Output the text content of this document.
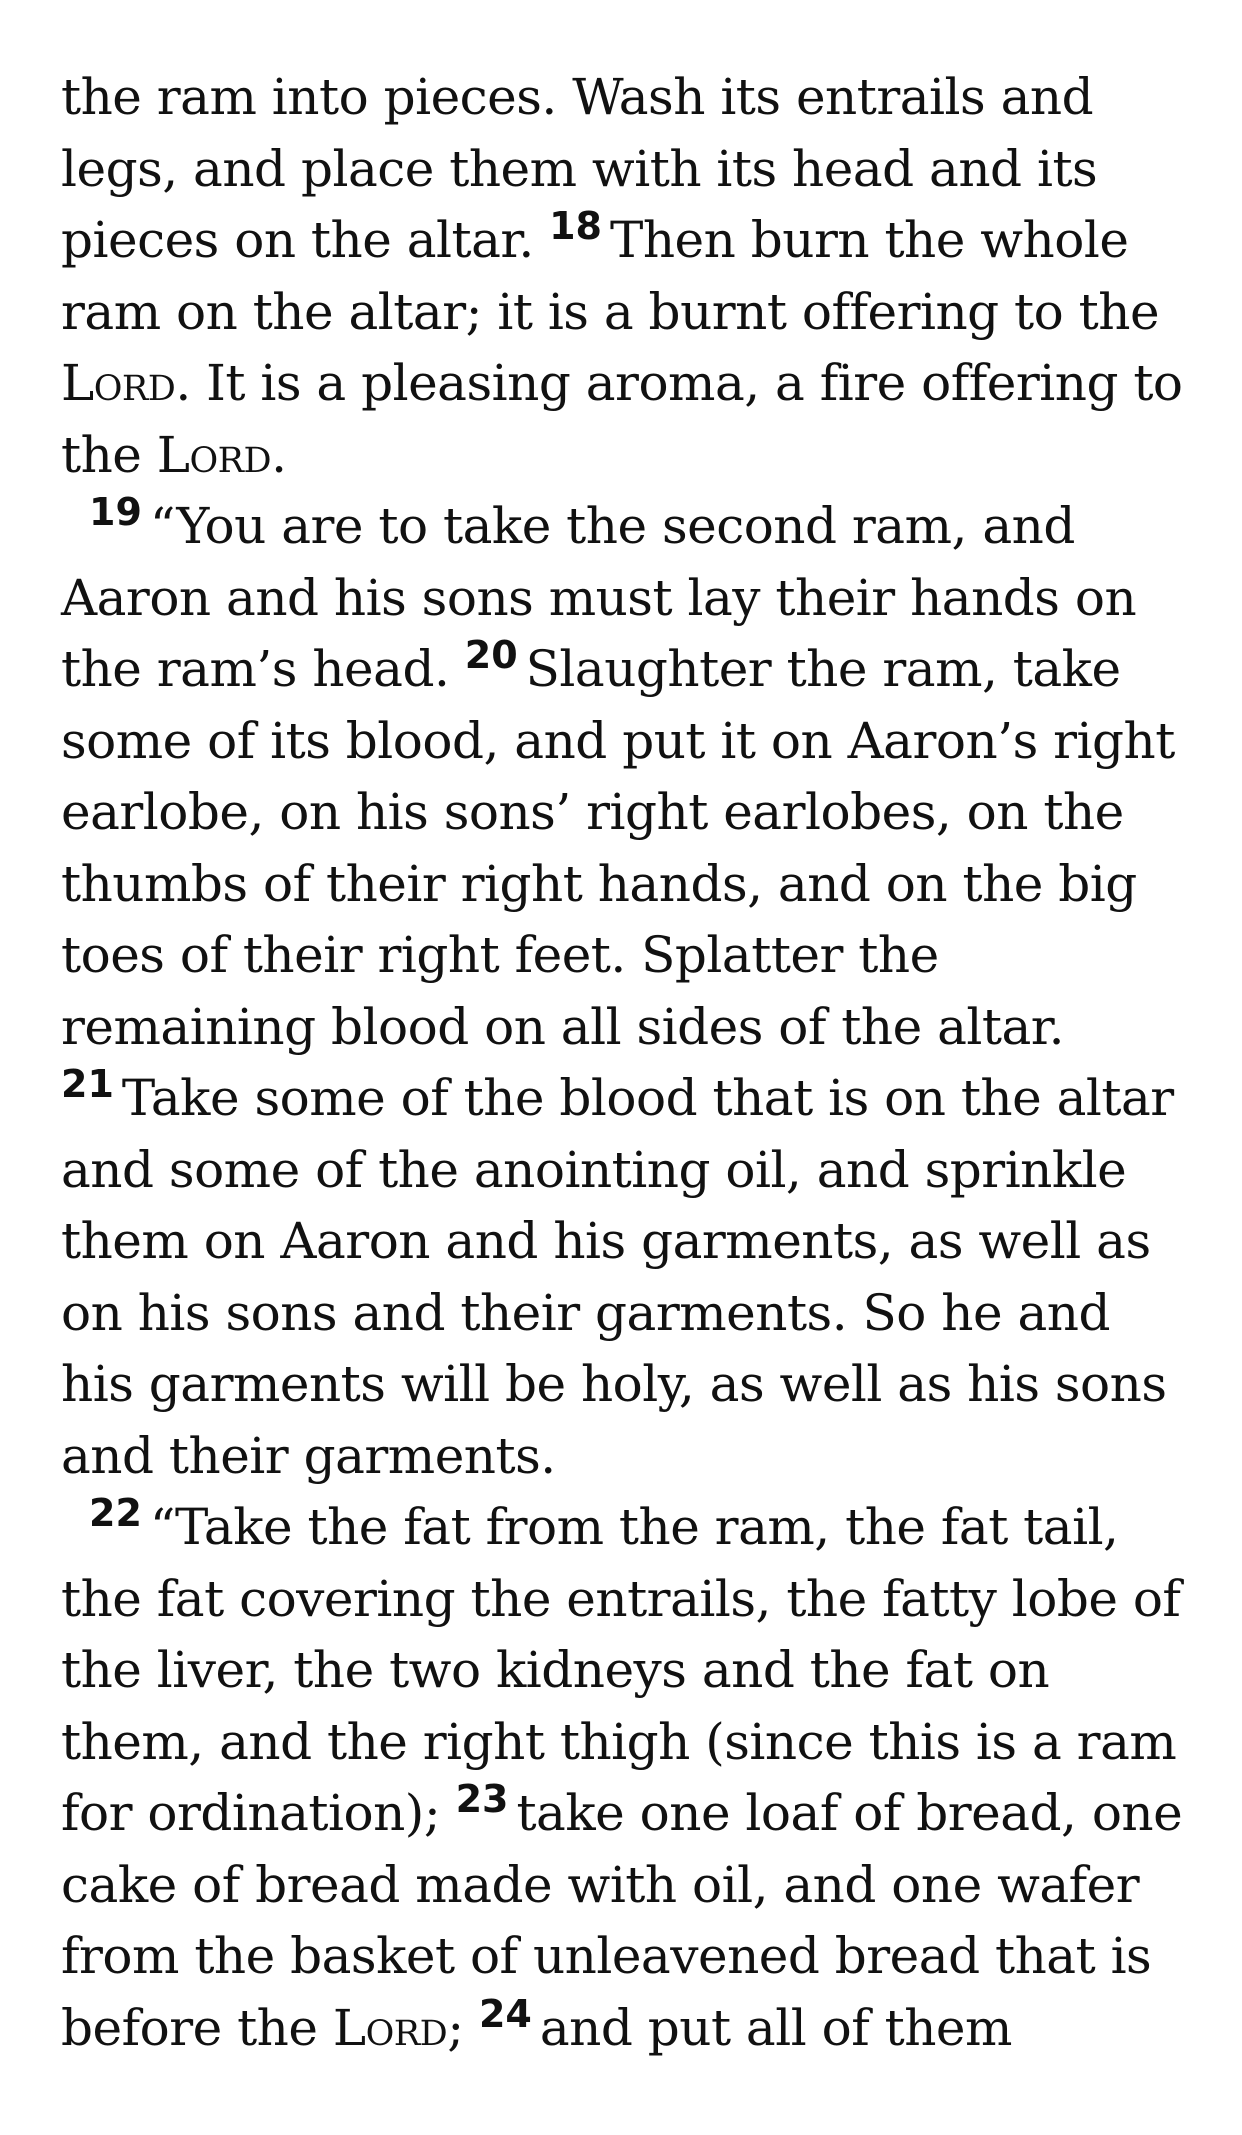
the ram into pieces. Wash its entrails and legs, and place them with its head and its pieces on the altar. $^{18}$ Then burn the whole ram on the altar; it is a burnt offering to the Lord. It is a pleasing aroma, a fire offering to the Lord.

$^{19}$ “You are to take the second ram, and Aaron and his sons must lay their hands on the ram’s head. $^{20}$ Slaughter the ram, take some of its blood, and put it on Aaron’s right earlobe, on his sons’ right earlobes, on the thumbs of their right hands, and on the big toes of their right feet. Splatter the remaining blood on all sides of the altar. $^{21}$ Take some of the blood that is on the altar and some of the anointing oil, and sprinkle them on Aaron and his garments, as well as on his sons and their garments. So he and his garments will be holy, as well as his sons and their garments.

$^{22}$ “Take the fat from the ram, the fat tail, the fat covering the entrails, the fatty lobe of the liver, the two kidneys and the fat on them, and the right thigh (since this is a ram for ordination); $^{23}$ take one loaf of bread, one cake of bread made with oil, and one wafer from the basket of unleavened bread that is before the Lord; $^{24}$ and put all of them
